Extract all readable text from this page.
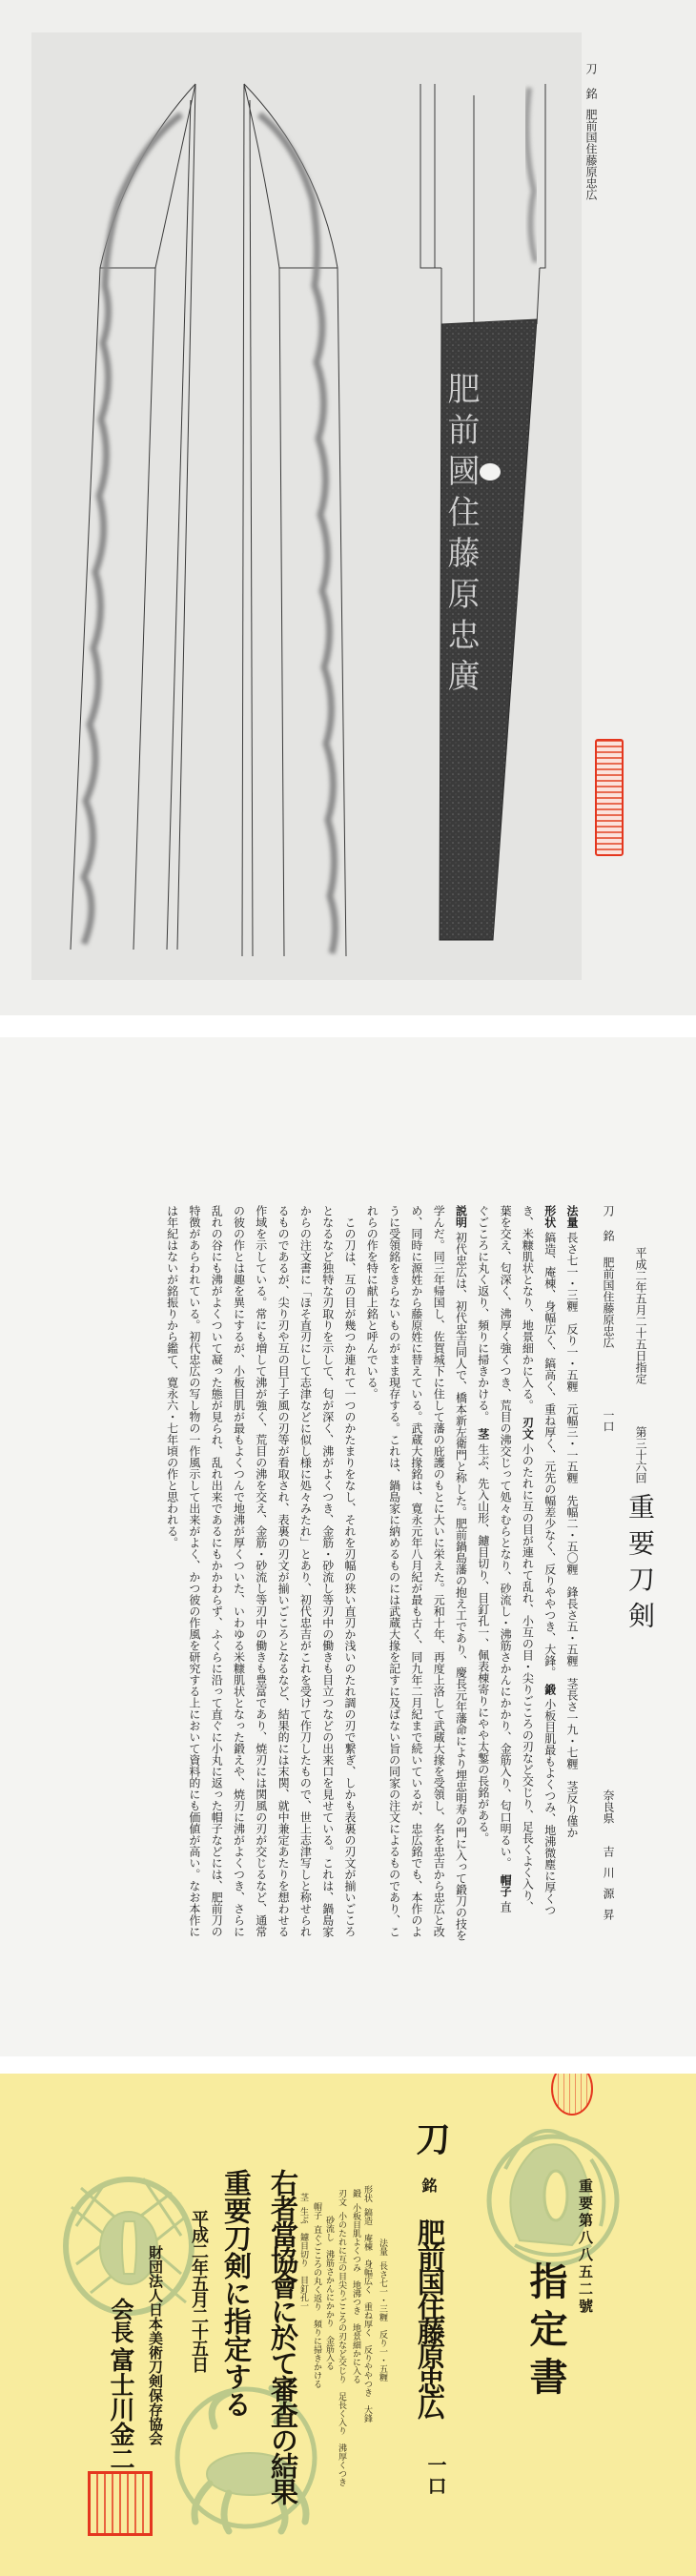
肥前國住藤原忠廣
刀銘肥前国住藤原忠広
平成二年五月二十五日指定
第三十六回
重要刀剣
刀
銘
肥前国住藤原忠広
一口
奈良県
吉川源昇
法量 長さ七一・三糎　反り一・五糎　元幅三・一五糎　先幅二・五〇糎　鋒長さ五・五糎　茎長さ一九・七糎　茎反り僅か
形状 鎬造、庵棟、身幅広く、鎬高く、重ね厚く、元先の幅差少なく、反りややつき、大鋒。　鍛 小板目肌最もよくつみ、地沸微塵に厚くつ
き、米糠肌状となり、地景細かに入る。　刃文 小のたれに互の目が連れて乱れ、小互の目・尖りごころの刃など交じり、足長くよく入り、
葉を交え、匂深く、沸厚く強くつき、荒目の沸交じって処々むらとなり、砂流し・沸筋さかんにかかり、金筋入り、匂口明るい。　帽子 直
ぐごころに丸く返り、頻りに掃きかける。　茎 生ぶ、先入山形、鑢目切り、目釘孔一、佩表棟寄りにやや太鏨の長銘がある。
説明 初代忠広は、初代忠吉同人で、橋本新左衛門と称した。肥前鍋島藩の抱え工であり、慶長元年藩命により埋忠明寿の門に入って鍛刀の技を
学んだ。同三年帰国し、佐賀城下に住して藩の庇護のもとに大いに栄えた。元和十年、再度上洛して武蔵大掾を受領し、名を忠吉から忠広と改
め、同時に源姓から藤原姓に替えている。武蔵大掾銘は、寛永元年八月紀が最も古く、同九年二月紀まで続いているが、忠広銘でも、本作のよ
うに受領銘をきらないものがまま現存する。これは、鍋島家に納めるものには武蔵大掾を記すに及ばない旨の同家の注文によるものであり、こ
れらの作を特に献上銘と呼んでいる。
　この刀は、互の目が幾つか連れて一つのかたまりをなし、それを刃幅の狭い直刃か浅いのたれ調の刃で繋ぎ、しかも表裏の刃文が揃いごころ
となるなど独特な刃取りを示して、匂が深く、沸がよくつき、金筋・砂流し等刃中の働きも目立つなどの出来口を見せている。これは、鍋島家
からの注文書に「ほそ直刃にして志津などに似し様に処々みたれ」とあり、初代忠吉がこれを受けて作刀したもので、世上志津写しと称せられ
るものであるが、尖り刃や互の目丁子風の刃等が看取され、表裏の刃文が揃いごころとなるなど、結果的には末関、就中兼定あたりを想わせる
作域を示している。常にも増して沸が強く、荒目の沸を交え、金筋・砂流し等刃中の働きも豊富であり、焼刃には関風の刃が交じるなど、通常
の彼の作とは趣を異にするが、小板目肌が最もよくつんで地沸が厚くついた、いわゆる米糠肌状となった鍛えや、焼刃に沸がよくつき、さらに
乱れの谷にも沸がよくついて凝った態が見られ、乱れ出来であるにもかかわらず、ふくらに沿って直ぐに小丸に返った帽子などには、肥前刀の
特徴があらわれている。初代忠広の写し物の一作風示して出来がよく、かつ彼の作風を研究する上において資料的にも価値が高い。なお本作に
は年紀はないが銘振りから鑑て、寛永六・七年頃の作と思われる。
重要第八八五二號
指定書
刀
銘
肥前国住藤原忠広
一口
法量長さ七一・三糎　反り一・五糎
形状鎬造　庵棟　身幅広く　重ね厚く　反りややつき　大鋒
鍛小板目肌よくつみ　地沸つき　地景細かに入る
刃文小のたれに互の目尖りごころの刃など交じり　足長く入り　沸厚くつき
砂流し　沸筋さかんにかかり　金筋入る
帽子直ぐごころの丸く返り　頻りに掃きかける
茎生ぶ　鑢目切り　目釘孔一
右者當協會に於て審査の結果
重要刀剣に指定する
平成二年五月二十五日
財団法人日本美術刀剣保存協会
会長
富士川金二
